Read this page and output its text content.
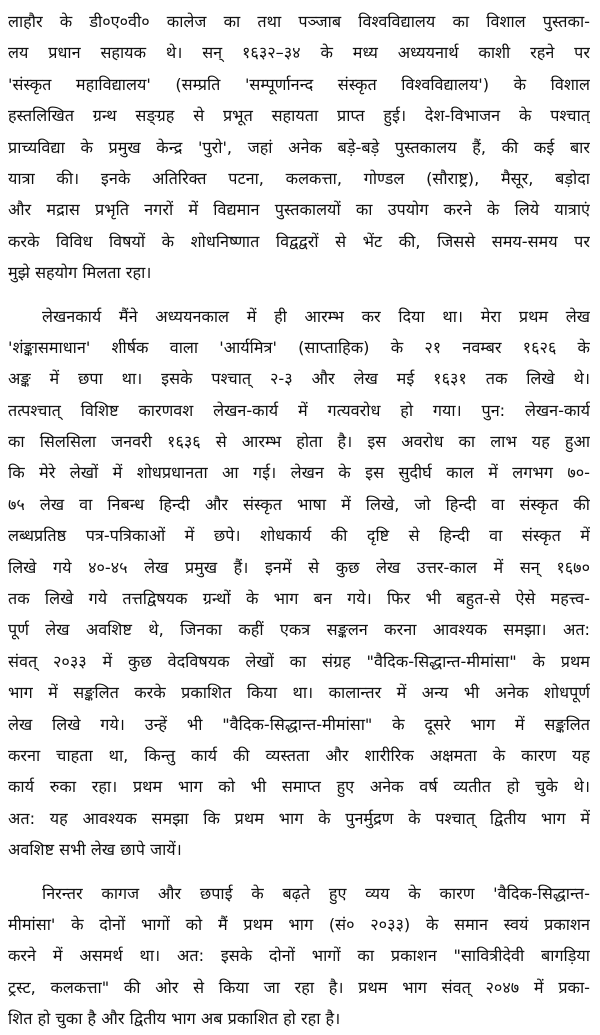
लाहौर के डी०ए०वी० कालेज का तथा पञ्जाब विश्वविद्यालय का विशाल पुस्तका-
लय प्रधान सहायक थे। सन् १६३२–३४ के मध्य अध्ययनार्थ काशी रहने पर
'संस्कृत महाविद्यालय' (सम्प्रति 'सम्पूर्णानन्द संस्कृत विश्वविद्यालय') के विशाल
हस्तलिखित ग्रन्थ सङ्ग्रह से प्रभूत सहायता प्राप्त हुई। देश-विभाजन के पश्चात्
प्राच्यविद्या के प्रमुख केन्द्र 'पुरो', जहां अनेक बड़े-बड़े पुस्तकालय हैं, की कई बार
यात्रा की। इनके अतिरिक्त पटना, कलकत्ता, गोण्डल (सौराष्ट्र), मैसूर, बड़ोदा
और मद्रास प्रभृति नगरों में विद्यमान पुस्तकालयों का उपयोग करने के लिये यात्राएं
करके विविध विषयों के शोधनिष्णात विद्वद्वरों से भेंट की, जिससे समय-समय पर
मुझे सहयोग मिलता रहा।
लेखनकार्य मैंने अध्ययनकाल में ही आरम्भ कर दिया था। मेरा प्रथम लेख
'शंङ्कासमाधान' शीर्षक वाला 'आर्यमित्र' (साप्ताहिक) के २१ नवम्बर १६२६ के
अङ्क में छपा था। इसके पश्चात् २-३ और लेख मई १६३१ तक लिखे थे।
तत्पश्चात् विशिष्ट कारणवश लेखन-कार्य में गत्यवरोध हो गया। पुन: लेखन-कार्य
का सिलसिला जनवरी १६३६ से आरम्भ होता है। इस अवरोध का लाभ यह हुआ
कि मेरे लेखों में शोधप्रधानता आ गई। लेखन के इस सुदीर्घ काल में लगभग ७०-
७५ लेख वा निबन्ध हिन्दी और संस्कृत भाषा में लिखे, जो हिन्दी वा संस्कृत की
लब्धप्रतिष्ठ पत्र-पत्रिकाओं में छपे। शोधकार्य की दृष्टि से हिन्दी वा संस्कृत में
लिखे गये ४०-४५ लेख प्रमुख हैं। इनमें से कुछ लेख उत्तर-काल में सन् १६७०
तक लिखे गये तत्तद्विषयक ग्रन्थों के भाग बन गये। फिर भी बहुत-से ऐसे महत्त्व-
पूर्ण लेख अवशिष्ट थे, जिनका कहीं एकत्र सङ्कलन करना आवश्यक समझा। अत:
संवत् २०३३ में कुछ वेदविषयक लेखों का संग्रह "वैदिक-सिद्धान्त-मीमांसा" के प्रथम
भाग में सङ्कलित करके प्रकाशित किया था। कालान्तर में अन्य भी अनेक शोधपूर्ण
लेख लिखे गये। उन्हें भी "वैदिक-सिद्धान्त-मीमांसा" के दूसरे भाग में सङ्कलित
करना चाहता था, किन्तु कार्य की व्यस्तता और शारीरिक अक्षमता के कारण यह
कार्य रुका रहा। प्रथम भाग को भी समाप्त हुए अनेक वर्ष व्यतीत हो चुके थे।
अत: यह आवश्यक समझा कि प्रथम भाग के पुनर्मुद्रण के पश्चात् द्वितीय भाग में
अवशिष्ट सभी लेख छापे जायें।
निरन्तर कागज और छपाई के बढ़ते हुए व्यय के कारण 'वैदिक-सिद्धान्त-
मीमांसा' के दोनों भागों को मैं प्रथम भाग (सं० २०३३) के समान स्वयं प्रकाशन
करने में असमर्थ था। अत: इसके दोनों भागों का प्रकाशन "सावित्रीदेवी बागड़िया
ट्रस्ट, कलकत्ता" की ओर से किया जा रहा है। प्रथम भाग संवत् २०४७ में प्रका-
शित हो चुका है और द्वितीय भाग अब प्रकाशित हो रहा है।
